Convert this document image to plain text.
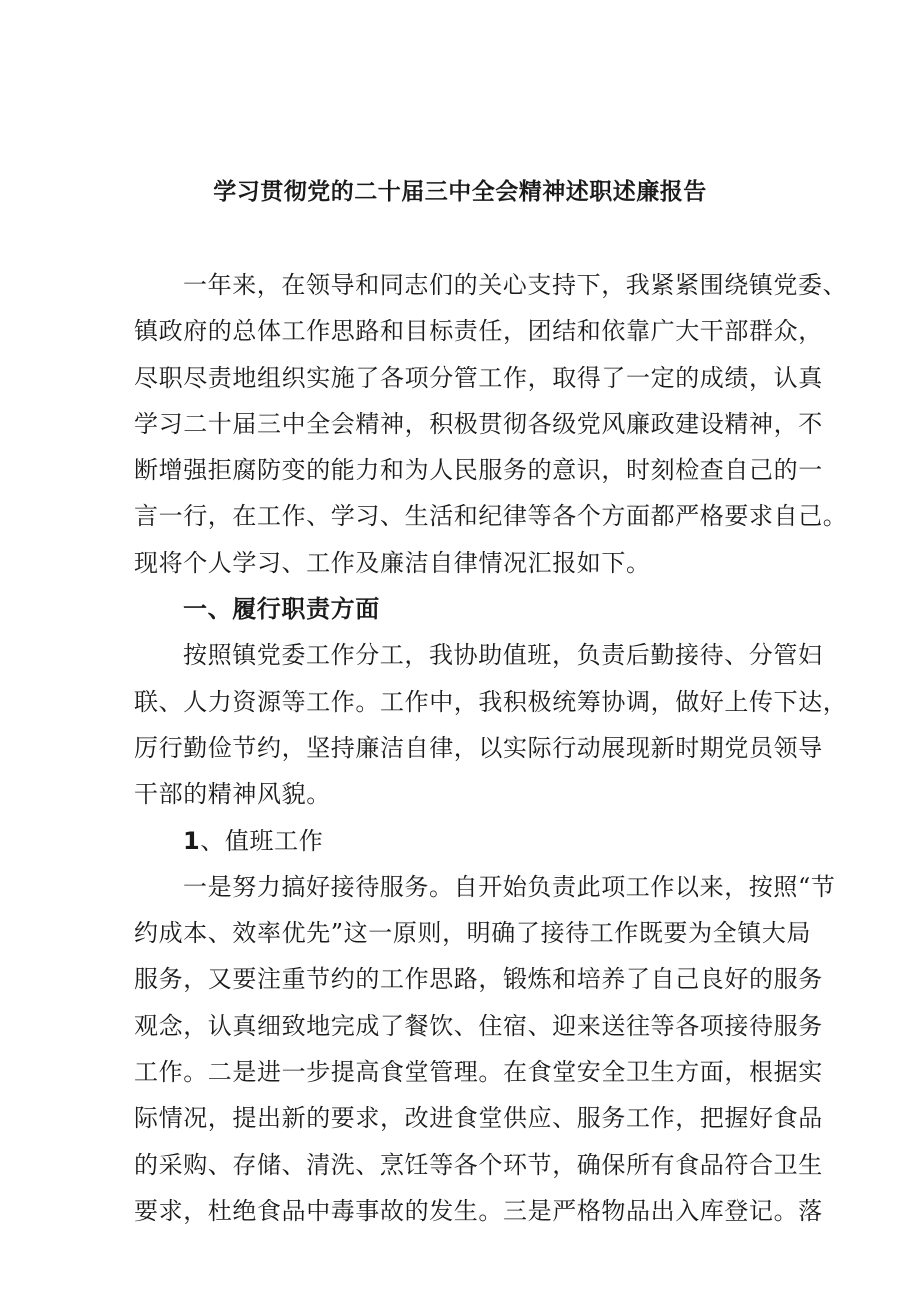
学习贯彻党的二十届三中全会精神述职述廉报告
一年来，在领导和同志们的关心支持下，我紧紧围绕镇党委、
镇政府的总体工作思路和目标责任，团结和依靠广大干部群众，
尽职尽责地组织实施了各项分管工作，取得了一定的成绩，认真
学习二十届三中全会精神，积极贯彻各级党风廉政建设精神，不
断增强拒腐防变的能力和为人民服务的意识，时刻检查自己的一
言一行，在工作、学习、生活和纪律等各个方面都严格要求自己。
现将个人学习、工作及廉洁自律情况汇报如下。
一、履行职责方面
按照镇党委工作分工，我协助值班，负责后勤接待、分管妇
联、人力资源等工作。工作中，我积极统筹协调，做好上传下达，
厉行勤俭节约，坚持廉洁自律，以实际行动展现新时期党员领导
干部的精神风貌。
1、值班工作
一是努力搞好接待服务。自开始负责此项工作以来，按照“节
约成本、效率优先”这一原则，明确了接待工作既要为全镇大局
服务，又要注重节约的工作思路，锻炼和培养了自己良好的服务
观念，认真细致地完成了餐饮、住宿、迎来送往等各项接待服务
工作。二是进一步提高食堂管理。在食堂安全卫生方面，根据实
际情况，提出新的要求，改进食堂供应、服务工作，把握好食品
的采购、存储、清洗、烹饪等各个环节，确保所有食品符合卫生
要求，杜绝食品中毒事故的发生。三是严格物品出入库登记。落
